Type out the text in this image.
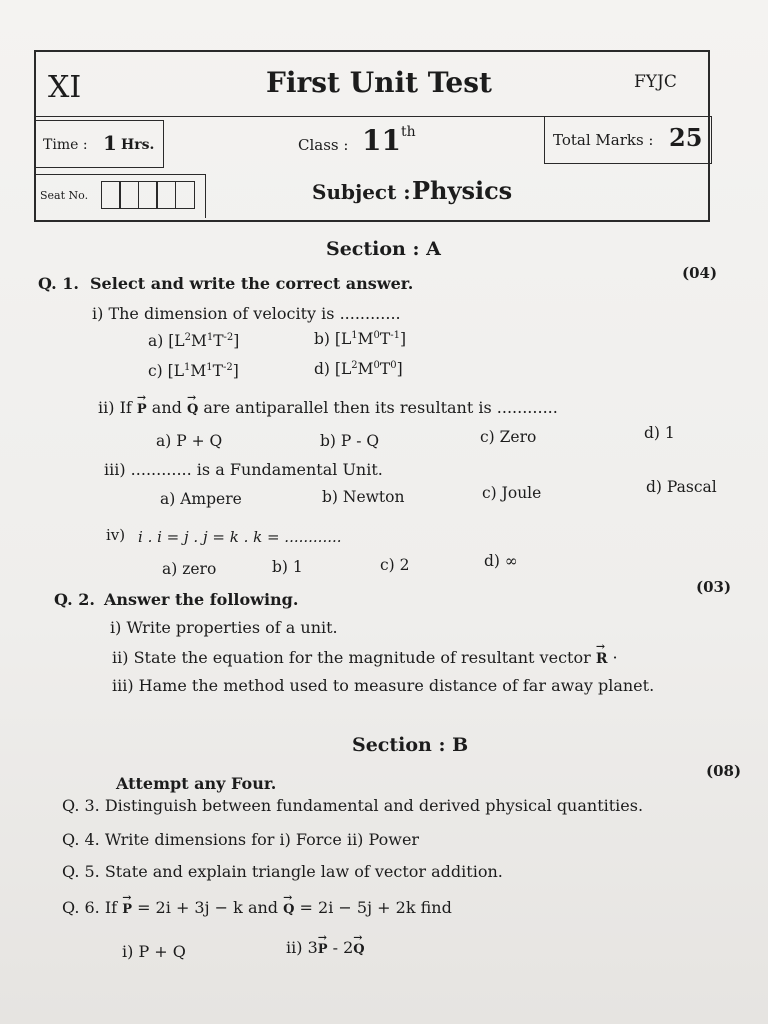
XI	First Unit Test	FYJC
Time : 1 Hrs.	Class : 11th	Total Marks : 25
Seat No.	Subject : Physics
Section : A
Q. 1. Select and write the correct answer.
(04)
i) The dimension of velocity is ............
a) $[L^2M^1T^{-2}]$	b) $[L^1M^0T^{-1}]$
c) $[L^1M^1T^{-2}]$	d) $[L^2M^0T^0]$
ii) If → P and → Q are antiparallel then its resultant is ............
a) P + Q	b) P - Q	c) Zero	d) 1
iii) ............ is a Fundamental Unit.
a) Ampere	b) Newton	c) Joule	d) Pascal
iv) i . i = j . j = k . k = ............
a) zero	b) 1	c) 2	d) ∞
Q. 2. Answer the following.
(03)
i) Write properties of a unit.
ii) State the equation for the magnitude of resultant vector → R ·
iii) Hame the method used to measure distance of far away planet.
Section : B
Attempt any Four.
(08)
Q. 3. Distinguish between fundamental and derived physical quantities.
Q. 4. Write dimensions for i) Force ii) Power
Q. 5. State and explain triangle law of vector addition.
Q. 6. If → P = 2i + 3j − k and → Q = 2i − 5j + 2k find
i) P + Q	ii) 3→ P - 2→ Q
